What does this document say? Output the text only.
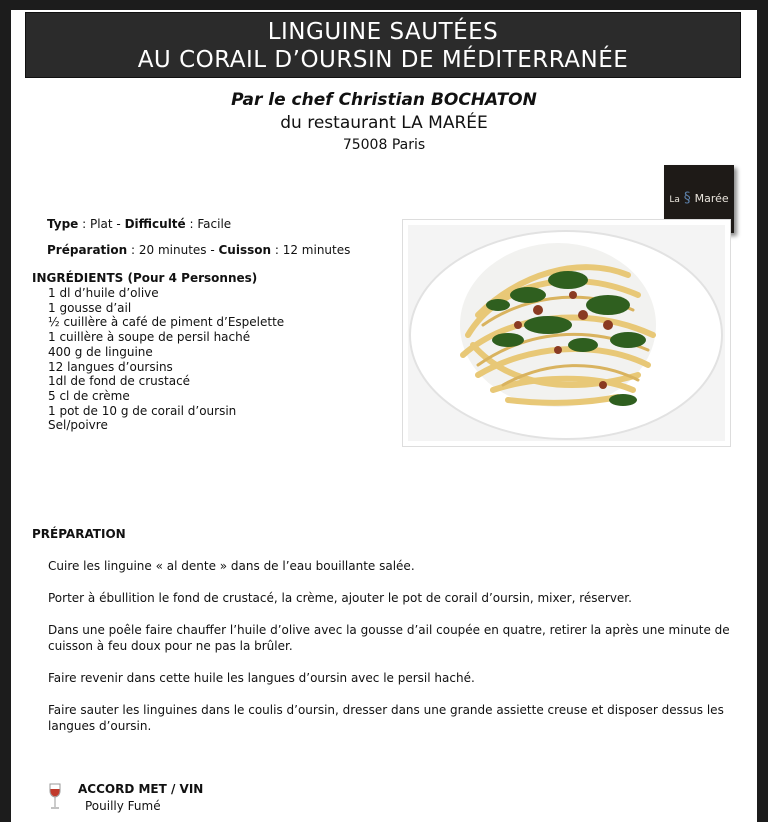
LINGUINE SAUTÉES
AU CORAIL D’OURSIN DE MÉDITERRANÉE
Par le chef Christian BOCHATON
du restaurant LA MARÉE
75008 Paris
La § Marée
Type : Plat - Difficulté : Facile
Préparation : 20 minutes - Cuisson : 12 minutes
INGRÉDIENTS (Pour 4 Personnes)
1 dl d’huile d’olive
1 gousse d’ail
½ cuillère à café de piment d’Espelette
1 cuillère à soupe de persil haché
400 g de linguine
12 langues d’oursins
1dl de fond de crustacé
5 cl de crème
1 pot de 10 g de corail d’oursin
Sel/poivre
PRÉPARATION

Cuire les linguine « al dente » dans de l’eau bouillante salée.

Porter à ébullition le fond de crustacé, la crème, ajouter le pot de corail d’oursin, mixer, réserver.

Dans une poêle faire chauffer l’huile d’olive avec la gousse d’ail coupée en quatre, retirer la après une minute de cuisson à feu doux pour ne pas la brûler.

Faire revenir dans cette huile les langues d’oursin avec le persil haché.

Faire sauter les linguines dans le coulis d’oursin, dresser dans une grande assiette creuse et disposer dessus les langues d’oursin.

ACCORD MET / VIN
Pouilly Fumé
